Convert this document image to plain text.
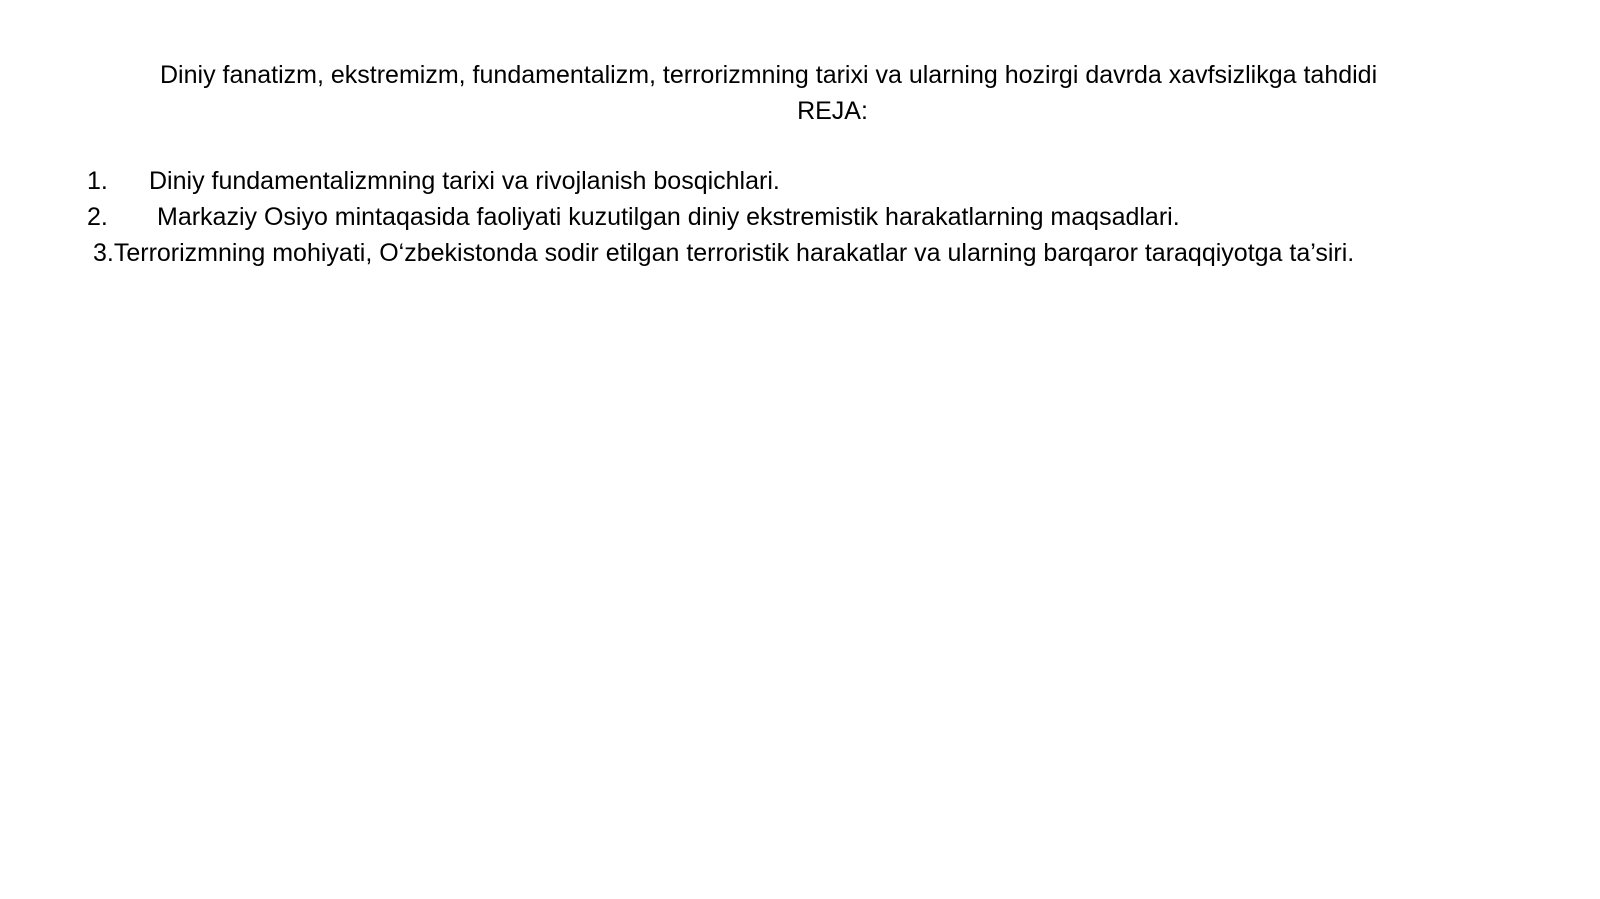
Diniy fanatizm, ekstremizm, fundamentalizm, terrorizmning tarixi va ularning hozirgi davrda xavfsizlikga tahdidi
REJA:
1. Diniy fundamentalizmning tarixi va rivojlanish bosqichlari.
2. Markaziy Osiyo mintaqasida faoliyati kuzutilgan diniy ekstremistik harakatlarning maqsadlari.
3.Terrorizmning mohiyati, O‘zbekistonda sodir etilgan terroristik harakatlar va ularning barqaror taraqqiyotga ta’siri.
